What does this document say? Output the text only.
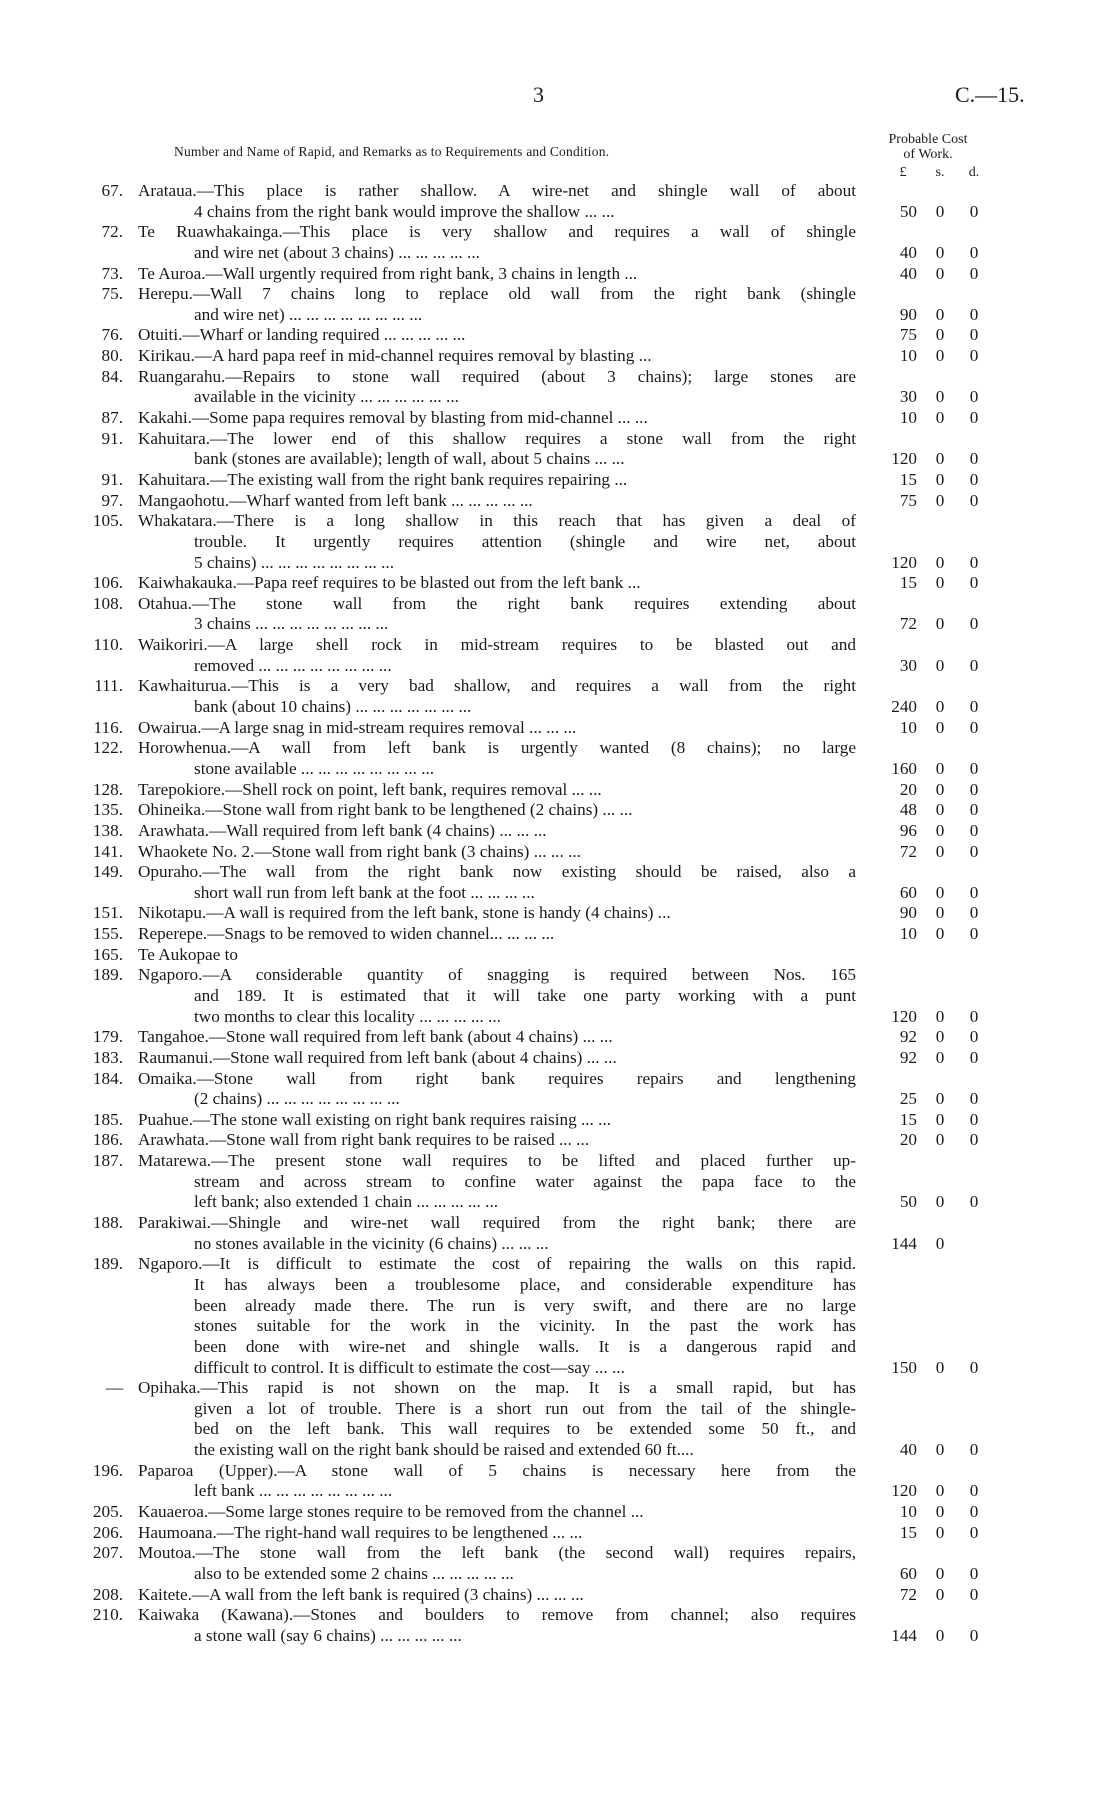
3	C.—15.
Number and Name of Rapid, and Remarks as to Requirements and Condition.
Probable Cost
of Work.
£	s.	d.
67. Arataua.—This place is rather shallow. A wire-net and shingle wall of about
4 chains from the right bank would improve the shallow ... ...	50	0	0
72. Te Ruawhakainga.—This place is very shallow and requires a wall of shingle
and wire net (about 3 chains) ... ... ... ... ...	40	0	0
73. Te Auroa.—Wall urgently required from right bank, 3 chains in length ...	40	0	0
75. Herepu.—Wall 7 chains long to replace old wall from the right bank (shingle
and wire net) ... ... ... ... ... ... ... ...	90	0	0
76. Otuiti.—Wharf or landing required ... ... ... ... ...	75	0	0
80. Kirikau.—A hard papa reef in mid-channel requires removal by blasting ...	10	0	0
84. Ruangarahu.—Repairs to stone wall required (about 3 chains); large stones are
available in the vicinity ... ... ... ... ... ...	30	0	0
87. Kakahi.—Some papa requires removal by blasting from mid-channel ... ...	10	0	0
91. Kahuitara.—The lower end of this shallow requires a stone wall from the right
bank (stones are available); length of wall, about 5 chains ... ...	120	0	0
91. Kahuitara.—The existing wall from the right bank requires repairing ...	15	0	0
97. Mangaohotu.—Wharf wanted from left bank ... ... ... ... ...	75	0	0
105. Whakatara.—There is a long shallow in this reach that has given a deal of
trouble. It urgently requires attention (shingle and wire net, about
5 chains) ... ... ... ... ... ... ... ...	120	0	0
106. Kaiwhakauka.—Papa reef requires to be blasted out from the left bank ...	15	0	0
108. Otahua.—The stone wall from the right bank requires extending about
3 chains ... ... ... ... ... ... ... ...	72	0	0
110. Waikoriri.—A large shell rock in mid-stream requires to be blasted out and
removed ... ... ... ... ... ... ... ...	30	0	0
111. Kawhaiturua.—This is a very bad shallow, and requires a wall from the right
bank (about 10 chains) ... ... ... ... ... ... ...	240	0	0
116. Owairua.—A large snag in mid-stream requires removal ... ... ...	10	0	0
122. Horowhenua.—A wall from left bank is urgently wanted (8 chains); no large
stone available ... ... ... ... ... ... ... ...	160	0	0
128. Tarepokiore.—Shell rock on point, left bank, requires removal ... ...	20	0	0
135. Ohineika.—Stone wall from right bank to be lengthened (2 chains) ... ...	48	0	0
138. Arawhata.—Wall required from left bank (4 chains) ... ... ...	96	0	0
141. Whaokete No. 2.—Stone wall from right bank (3 chains) ... ... ...	72	0	0
149. Opuraho.—The wall from the right bank now existing should be raised, also a
short wall run from left bank at the foot ... ... ... ...	60	0	0
151. Nikotapu.—A wall is required from the left bank, stone is handy (4 chains) ...	90	0	0
155. Reperepe.—Snags to be removed to widen channel... ... ... ...	10	0	0
165. Te Aukopae to
189. Ngaporo.—A considerable quantity of snagging is required between Nos. 165
and 189. It is estimated that it will take one party working with a punt
two months to clear this locality ... ... ... ... ...	120	0	0
179. Tangahoe.—Stone wall required from left bank (about 4 chains) ... ...	92	0	0
183. Raumanui.—Stone wall required from left bank (about 4 chains) ... ...	92	0	0
184. Omaika.—Stone wall from right bank requires repairs and lengthening
(2 chains) ... ... ... ... ... ... ... ...	25	0	0
185. Puahue.—The stone wall existing on right bank requires raising ... ...	15	0	0
186. Arawhata.—Stone wall from right bank requires to be raised ... ...	20	0	0
187. Matarewa.—The present stone wall requires to be lifted and placed further up-
stream and across stream to confine water against the papa face to the
left bank; also extended 1 chain ... ... ... ... ...	50	0	0
188. Parakiwai.—Shingle and wire-net wall required from the right bank; there are
no stones available in the vicinity (6 chains) ... ... ...	144	0
189. Ngaporo.—It is difficult to estimate the cost of repairing the walls on this rapid.
It has always been a troublesome place, and considerable expenditure has
been already made there. The run is very swift, and there are no large
stones suitable for the work in the vicinity. In the past the work has
been done with wire-net and shingle walls. It is a dangerous rapid and
difficult to control. It is difficult to estimate the cost—say ... ...	150	0	0
— Opihaka.—This rapid is not shown on the map. It is a small rapid, but has
given a lot of trouble. There is a short run out from the tail of the shingle-
bed on the left bank. This wall requires to be extended some 50 ft., and
the existing wall on the right bank should be raised and extended 60 ft....	40	0	0
196. Paparoa (Upper).—A stone wall of 5 chains is necessary here from the
left bank ... ... ... ... ... ... ... ...	120	0	0
205. Kauaeroa.—Some large stones require to be removed from the channel ...	10	0	0
206. Haumoana.—The right-hand wall requires to be lengthened ... ...	15	0	0
207. Moutoa.—The stone wall from the left bank (the second wall) requires repairs,
also to be extended some 2 chains ... ... ... ... ...	60	0	0
208. Kaitete.—A wall from the left bank is required (3 chains) ... ... ...	72	0	0
210. Kaiwaka (Kawana).—Stones and boulders to remove from channel; also requires
a stone wall (say 6 chains) ... ... ... ... ...	144	0	0
